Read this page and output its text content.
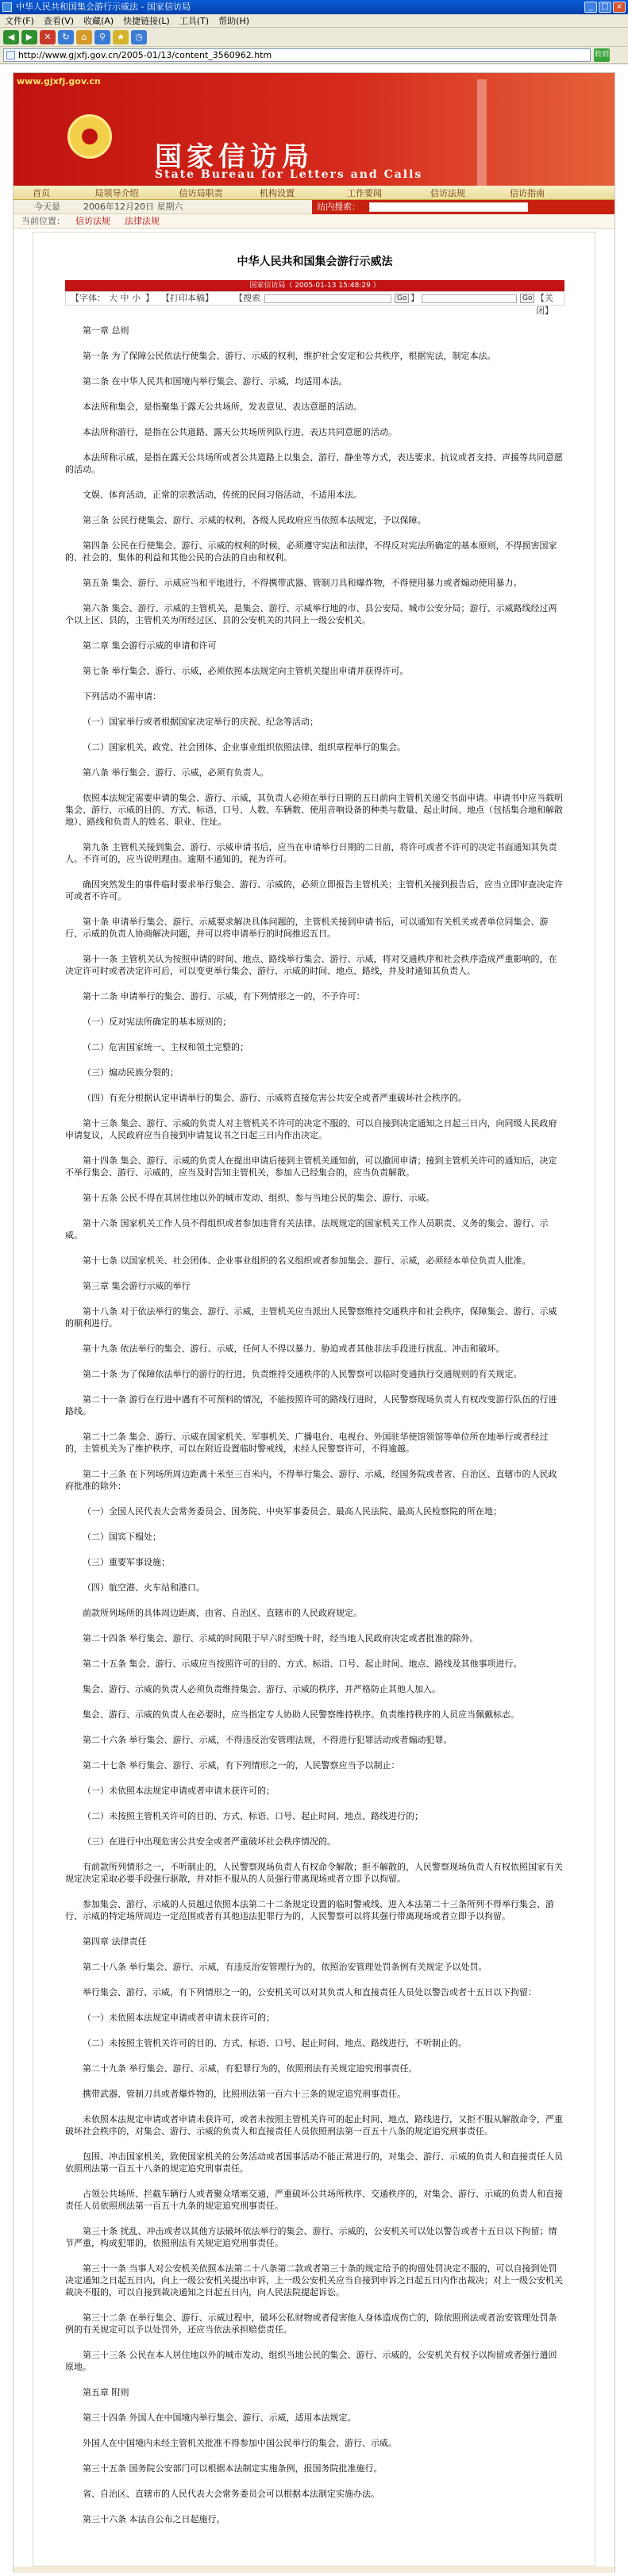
中华人民共和国集会游行示威法 - 国家信访局	_	□ ×
文件(F) 查看(V) 收藏(A) 快捷链接(L) 工具(T) 帮助(H)
◀	▶	✕	↻	⌂	⚲	★	◷
http://www.gjxfj.gov.cn/2005-01/13/content_3560962.htm	转到
www.gjxfj.gov.cn
国家信访局
State Bureau for Letters and Calls
首页	局领导介绍	信访局职责	机构设置	工作要闻	信访法规	信访指南
今天是	2006年12月20日 星期六	站内搜索：
当前位置： 信访法规 法律法规
中华人民共和国集会游行示威法
国家信访局（ 2005-01-13 15:48:29 ）
【字体： 大 中 小 】 【打印本稿】 【搜索	Go 】	Go 【关闭】

第一章 总则

第一条 为了保障公民依法行使集会、游行、示威的权利，维护社会安定和公共秩序，根据宪法，制定本法。

第二条 在中华人民共和国境内举行集会、游行、示威，均适用本法。

本法所称集会，是指聚集于露天公共场所，发表意见、表达意愿的活动。

本法所称游行，是指在公共道路、露天公共场所列队行进、表达共同意愿的活动。

本法所称示威，是指在露天公共场所或者公共道路上以集会、游行、静坐等方式，表达要求、抗议或者支持、声援等共同意愿的活动。

文娱、体育活动，正常的宗教活动，传统的民间习俗活动，不适用本法。

第三条 公民行使集会、游行、示威的权利，各级人民政府应当依照本法规定，予以保障。

第四条 公民在行使集会、游行、示威的权利的时候，必须遵守宪法和法律，不得反对宪法所确定的基本原则，不得损害国家的、社会的、集体的利益和其他公民的合法的自由和权利。

第五条 集会、游行、示威应当和平地进行，不得携带武器、管制刀具和爆炸物，不得使用暴力或者煽动使用暴力。

第六条 集会、游行、示威的主管机关，是集会、游行、示威举行地的市、县公安局、城市公安分局；游行、示威路线经过两个以上区、县的，主管机关为所经过区、县的公安机关的共同上一级公安机关。

第二章 集会游行示威的申请和许可

第七条 举行集会、游行、示威，必须依照本法规定向主管机关提出申请并获得许可。

下列活动不需申请：

（一）国家举行或者根据国家决定举行的庆祝、纪念等活动；

（二）国家机关、政党、社会团体、企业事业组织依照法律、组织章程举行的集会。

第八条 举行集会、游行、示威，必须有负责人。

依照本法规定需要申请的集会、游行、示威，其负责人必须在举行日期的五日前向主管机关递交书面申请。申请书中应当载明集会、游行、示威的目的、方式、标语、口号、人数、车辆数、使用音响设备的种类与数量、起止时间、地点（包括集合地和解散地）、路线和负责人的姓名、职业、住址。

第九条 主管机关接到集会、游行、示威申请书后，应当在申请举行日期的二日前，将许可或者不许可的决定书面通知其负责人。不许可的，应当说明理由。逾期不通知的，视为许可。

确因突然发生的事件临时要求举行集会、游行、示威的，必须立即报告主管机关；主管机关接到报告后，应当立即审查决定许可或者不许可。

第十条 申请举行集会、游行、示威要求解决具体问题的，主管机关接到申请书后，可以通知有关机关或者单位同集会、游行、示威的负责人协商解决问题，并可以将申请举行的时间推迟五日。

第十一条 主管机关认为按照申请的时间、地点、路线举行集会、游行、示威，将对交通秩序和社会秩序造成严重影响的，在决定许可时或者决定许可后，可以变更举行集会、游行、示威的时间、地点、路线，并及时通知其负责人。

第十二条 申请举行的集会、游行、示威，有下列情形之一的，不予许可：

（一）反对宪法所确定的基本原则的；

（二）危害国家统一、主权和领土完整的；

（三）煽动民族分裂的；

（四）有充分根据认定申请举行的集会、游行、示威将直接危害公共安全或者严重破坏社会秩序的。

第十三条 集会、游行、示威的负责人对主管机关不许可的决定不服的，可以自接到决定通知之日起三日内，向同级人民政府申请复议，人民政府应当自接到申请复议书之日起三日内作出决定。

第十四条 集会、游行、示威的负责人在提出申请后接到主管机关通知前，可以撤回申请；接到主管机关许可的通知后，决定不举行集会、游行、示威的，应当及时告知主管机关，参加人已经集合的，应当负责解散。

第十五条 公民不得在其居住地以外的城市发动、组织、参与当地公民的集会、游行、示威。

第十六条 国家机关工作人员不得组织或者参加违背有关法律、法规规定的国家机关工作人员职责、义务的集会、游行、示威。

第十七条 以国家机关、社会团体、企业事业组织的名义组织或者参加集会、游行、示威，必须经本单位负责人批准。

第三章 集会游行示威的举行

第十八条 对于依法举行的集会、游行、示威，主管机关应当派出人民警察维持交通秩序和社会秩序，保障集会、游行、示威的顺利进行。

第十九条 依法举行的集会、游行、示威，任何人不得以暴力、胁迫或者其他非法手段进行扰乱、冲击和破坏。

第二十条 为了保障依法举行的游行的行进，负责维持交通秩序的人民警察可以临时变通执行交通规则的有关规定。

第二十一条 游行在行进中遇有不可预料的情况，不能按照许可的路线行进时，人民警察现场负责人有权改变游行队伍的行进路线。

第二十二条 集会、游行、示威在国家机关、军事机关、广播电台、电视台、外国驻华使馆领馆等单位所在地举行或者经过的，主管机关为了维护秩序，可以在附近设置临时警戒线，未经人民警察许可，不得逾越。

第二十三条 在下列场所周边距离十米至三百米内，不得举行集会、游行、示威，经国务院或者省、自治区、直辖市的人民政府批准的除外：

（一）全国人民代表大会常务委员会、国务院、中央军事委员会、最高人民法院、最高人民检察院的所在地；

（二）国宾下榻处；

（三）重要军事设施；

（四）航空港、火车站和港口。

前款所列场所的具体周边距离，由省、自治区、直辖市的人民政府规定。

第二十四条 举行集会、游行、示威的时间限于早六时至晚十时，经当地人民政府决定或者批准的除外。

第二十五条 集会、游行、示威应当按照许可的目的、方式、标语、口号、起止时间、地点、路线及其他事项进行。

集会、游行、示威的负责人必须负责维持集会、游行、示威的秩序，并严格防止其他人加入。

集会、游行、示威的负责人在必要时，应当指定专人协助人民警察维持秩序。负责维持秩序的人员应当佩戴标志。

第二十六条 举行集会、游行、示威，不得违反治安管理法规，不得进行犯罪活动或者煽动犯罪。

第二十七条 举行集会、游行、示威，有下列情形之一的，人民警察应当予以制止：

（一）未依照本法规定申请或者申请未获许可的；

（二）未按照主管机关许可的目的、方式、标语、口号、起止时间、地点、路线进行的；

（三）在进行中出现危害公共安全或者严重破坏社会秩序情况的。

有前款所列情形之一，不听制止的，人民警察现场负责人有权命令解散；拒不解散的，人民警察现场负责人有权依照国家有关规定决定采取必要手段强行驱散，并对拒不服从的人员强行带离现场或者立即予以拘留。

参加集会、游行、示威的人员越过依照本法第二十二条规定设置的临时警戒线、进入本法第二十三条所列不得举行集会、游行、示威的特定场所周边一定范围或者有其他违法犯罪行为的，人民警察可以将其强行带离现场或者立即予以拘留。

第四章 法律责任

第二十八条 举行集会、游行、示威，有违反治安管理行为的，依照治安管理处罚条例有关规定予以处罚。

举行集会、游行、示威，有下列情形之一的，公安机关可以对其负责人和直接责任人员处以警告或者十五日以下拘留：

（一）未依照本法规定申请或者申请未获许可的；

（二）未按照主管机关许可的目的、方式、标语、口号、起止时间、地点、路线进行，不听制止的。

第二十九条 举行集会、游行、示威，有犯罪行为的，依照刑法有关规定追究刑事责任。

携带武器、管制刀具或者爆炸物的，比照刑法第一百六十三条的规定追究刑事责任。

未依照本法规定申请或者申请未获许可，或者未按照主管机关许可的起止时间、地点、路线进行，又拒不服从解散命令，严重破坏社会秩序的，对集会、游行、示威的负责人和直接责任人员依照刑法第一百五十八条的规定追究刑事责任。

包围、冲击国家机关，致使国家机关的公务活动或者国事活动不能正常进行的，对集会、游行、示威的负责人和直接责任人员依照刑法第一百五十八条的规定追究刑事责任。

占领公共场所、拦截车辆行人或者聚众堵塞交通，严重破坏公共场所秩序、交通秩序的，对集会、游行、示威的负责人和直接责任人员依照刑法第一百五十九条的规定追究刑事责任。

第三十条 扰乱、冲击或者以其他方法破坏依法举行的集会、游行、示威的，公安机关可以处以警告或者十五日以下拘留；情节严重，构成犯罪的，依照刑法有关规定追究刑事责任。

第三十一条 当事人对公安机关依照本法第二十八条第二款或者第三十条的规定给予的拘留处罚决定不服的，可以自接到处罚决定通知之日起五日内，向上一级公安机关提出申诉，上一级公安机关应当自接到申诉之日起五日内作出裁决；对上一级公安机关裁决不服的，可以自接到裁决通知之日起五日内，向人民法院提起诉讼。

第三十二条 在举行集会、游行、示威过程中，破坏公私财物或者侵害他人身体造成伤亡的，除依照刑法或者治安管理处罚条例的有关规定可以予以处罚外，还应当依法承担赔偿责任。

第三十三条 公民在本人居住地以外的城市发动、组织当地公民的集会、游行、示威的，公安机关有权予以拘留或者强行遣回原地。

第五章 附则

第三十四条 外国人在中国境内举行集会、游行、示威，适用本法规定。

外国人在中国境内未经主管机关批准不得参加中国公民举行的集会、游行、示威。

第三十五条 国务院公安部门可以根据本法制定实施条例，报国务院批准施行。

省、自治区、直辖市的人民代表大会常务委员会可以根据本法制定实施办法。

第三十六条 本法自公布之日起施行。
